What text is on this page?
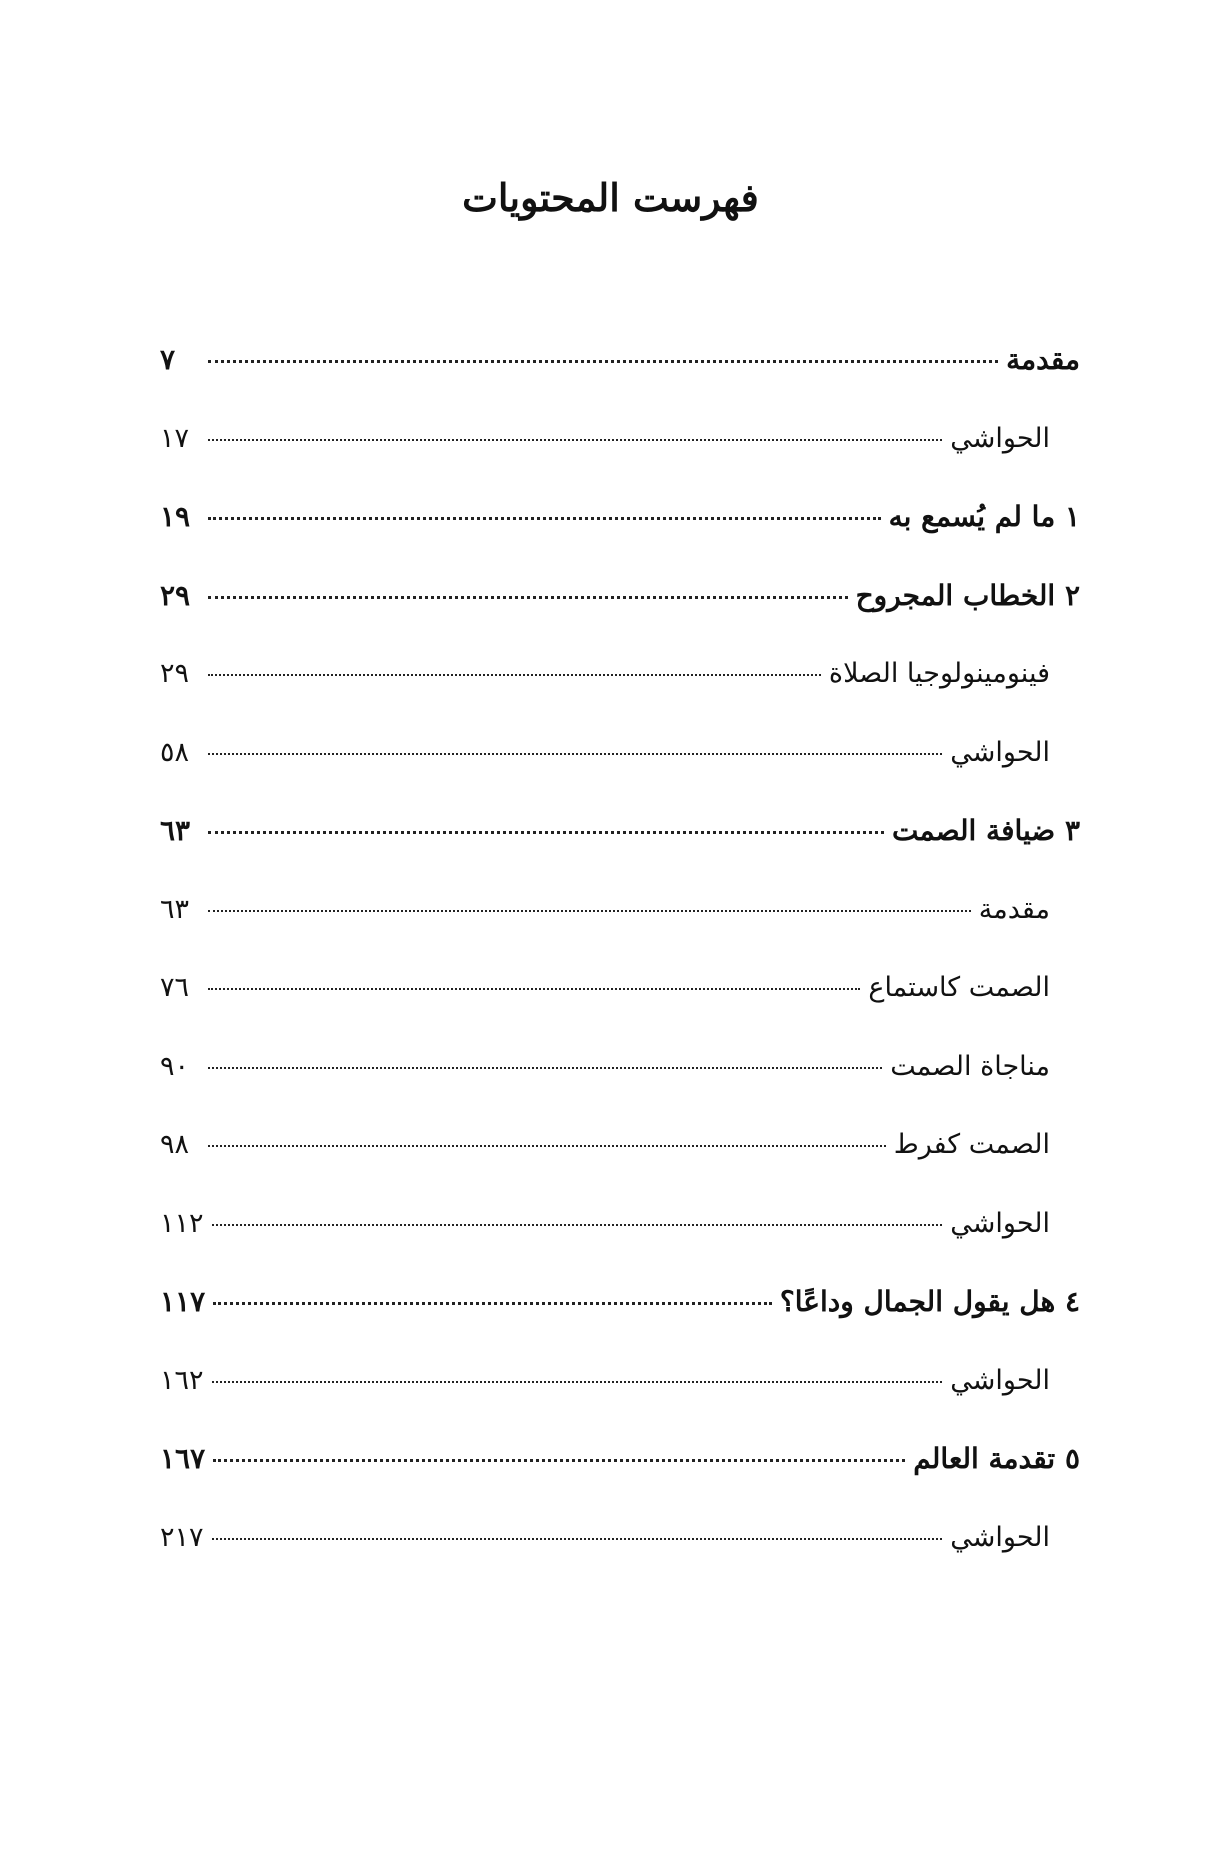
فهرست المحتويات
مقدمة
٧
الحواشي
١٧
١ ما لم يُسمع به
١٩
٢ الخطاب المجروح
٢٩
فينومينولوجيا الصلاة
٢٩
الحواشي
٥٨
٣ ضيافة الصمت
٦٣
مقدمة
٦٣
الصمت كاستماع
٧٦
مناجاة الصمت
٩٠
الصمت كفرط
٩٨
الحواشي
١١٢
٤ هل يقول الجمال وداعًا؟
١١٧
الحواشي
١٦٢
٥ تقدمة العالم
١٦٧
الحواشي
٢١٧
